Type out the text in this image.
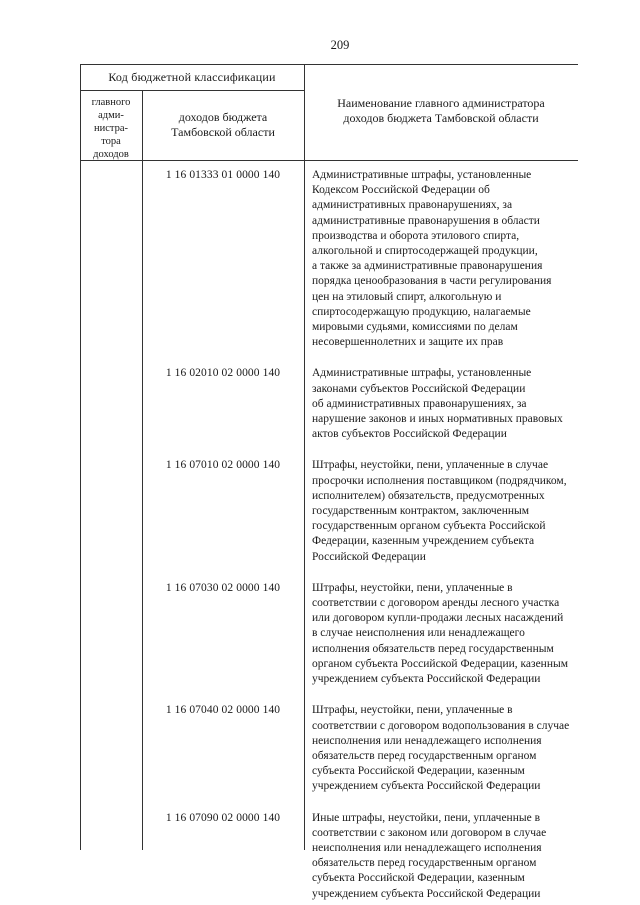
209
Код бюджетной классификации
главного
адми-
нистра-
тора
доходов
доходов бюджета
Тамбовской области
Наименование главного администратора
доходов бюджета Тамбовской области
1 16 01333 01 0000 140	Административные штрафы, установленные
Кодексом Российской Федерации об
административных правонарушениях, за
административные правонарушения в области
производства и оборота этилового спирта,
алкогольной и спиртосодержащей продукции,
а также за административные правонарушения
порядка ценообразования в части регулирования
цен на этиловый спирт, алкогольную и
спиртосодержащую продукцию, налагаемые
мировыми судьями, комиссиями по делам
несовершеннолетних и защите их прав
1 16 02010 02 0000 140	Административные штрафы, установленные
законами субъектов Российской Федерации
об административных правонарушениях, за
нарушение законов и иных нормативных правовых
актов субъектов Российской Федерации
1 16 07010 02 0000 140	Штрафы, неустойки, пени, уплаченные в случае
просрочки исполнения поставщиком (подрядчиком,
исполнителем) обязательств, предусмотренных
государственным контрактом, заключенным
государственным органом субъекта Российской
Федерации, казенным учреждением субъекта
Российской Федерации
1 16 07030 02 0000 140	Штрафы, неустойки, пени, уплаченные в
соответствии с договором аренды лесного участка
или договором купли-продажи лесных насаждений
в случае неисполнения или ненадлежащего
исполнения обязательств перед государственным
органом субъекта Российской Федерации, казенным
учреждением субъекта Российской Федерации
1 16 07040 02 0000 140	Штрафы, неустойки, пени, уплаченные в
соответствии с договором водопользования в случае
неисполнения или ненадлежащего исполнения
обязательств перед государственным органом
субъекта Российской Федерации, казенным
учреждением субъекта Российской Федерации
1 16 07090 02 0000 140	Иные штрафы, неустойки, пени, уплаченные в
соответствии с законом или договором в случае
неисполнения или ненадлежащего исполнения
обязательств перед государственным органом
субъекта Российской Федерации, казенным
учреждением субъекта Российской Федерации
